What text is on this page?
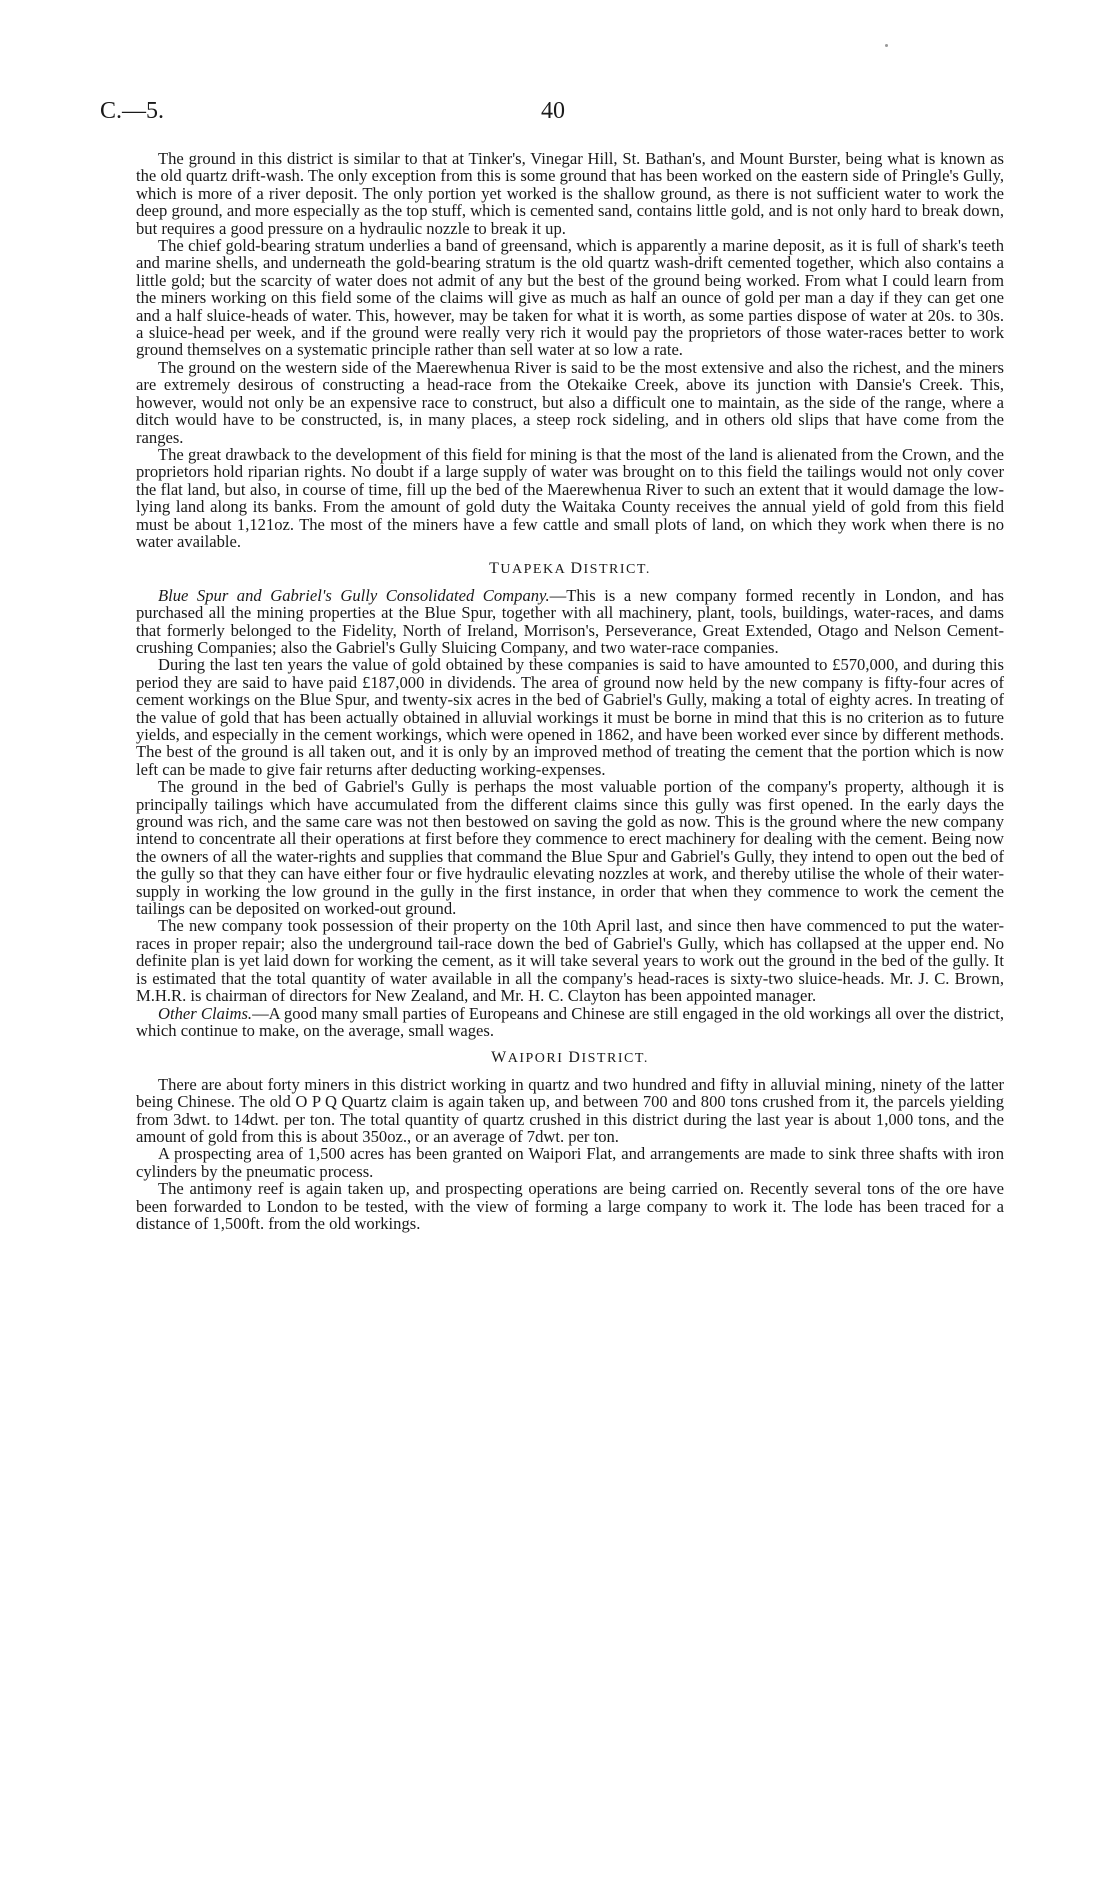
C.—5.	40

The ground in this district is similar to that at Tinker's, Vinegar Hill, St. Bathan's, and Mount Burster, being what is known as the old quartz drift-wash. The only exception from this is some ground that has been worked on the eastern side of Pringle's Gully, which is more of a river deposit. The only portion yet worked is the shallow ground, as there is not sufficient water to work the deep ground, and more especially as the top stuff, which is cemented sand, contains little gold, and is not only hard to break down, but requires a good pressure on a hydraulic nozzle to break it up.

The chief gold-bearing stratum underlies a band of greensand, which is apparently a marine deposit, as it is full of shark's teeth and marine shells, and underneath the gold-bearing stratum is the old quartz wash-drift cemented together, which also contains a little gold; but the scarcity of water does not admit of any but the best of the ground being worked. From what I could learn from the miners working on this field some of the claims will give as much as half an ounce of gold per man a day if they can get one and a half sluice-heads of water. This, however, may be taken for what it is worth, as some parties dispose of water at 20s. to 30s. a sluice-head per week, and if the ground were really very rich it would pay the proprietors of those water-races better to work ground themselves on a systematic principle rather than sell water at so low a rate.

The ground on the western side of the Maerewhenua River is said to be the most extensive and also the richest, and the miners are extremely desirous of constructing a head-race from the Otekaike Creek, above its junction with Dansie's Creek. This, however, would not only be an expensive race to construct, but also a difficult one to maintain, as the side of the range, where a ditch would have to be constructed, is, in many places, a steep rock sideling, and in others old slips that have come from the ranges.

The great drawback to the development of this field for mining is that the most of the land is alienated from the Crown, and the proprietors hold riparian rights. No doubt if a large supply of water was brought on to this field the tailings would not only cover the flat land, but also, in course of time, fill up the bed of the Maerewhenua River to such an extent that it would damage the low-lying land along its banks. From the amount of gold duty the Waitaka County receives the annual yield of gold from this field must be about 1,121oz. The most of the miners have a few cattle and small plots of land, on which they work when there is no water available.

TUAPEKA DISTRICT.

Blue Spur and Gabriel's Gully Consolidated Company.—This is a new company formed recently in London, and has purchased all the mining properties at the Blue Spur, together with all machinery, plant, tools, buildings, water-races, and dams that formerly belonged to the Fidelity, North of Ireland, Morrison's, Perseverance, Great Extended, Otago and Nelson Cement-crushing Companies; also the Gabriel's Gully Sluicing Company, and two water-race companies.

During the last ten years the value of gold obtained by these companies is said to have amounted to £570,000, and during this period they are said to have paid £187,000 in dividends. The area of ground now held by the new company is fifty-four acres of cement workings on the Blue Spur, and twenty-six acres in the bed of Gabriel's Gully, making a total of eighty acres. In treating of the value of gold that has been actually obtained in alluvial workings it must be borne in mind that this is no criterion as to future yields, and especially in the cement workings, which were opened in 1862, and have been worked ever since by different methods. The best of the ground is all taken out, and it is only by an improved method of treating the cement that the portion which is now left can be made to give fair returns after deducting working-expenses.

The ground in the bed of Gabriel's Gully is perhaps the most valuable portion of the company's property, although it is principally tailings which have accumulated from the different claims since this gully was first opened. In the early days the ground was rich, and the same care was not then bestowed on saving the gold as now. This is the ground where the new company intend to concentrate all their operations at first before they commence to erect machinery for dealing with the cement. Being now the owners of all the water-rights and supplies that command the Blue Spur and Gabriel's Gully, they intend to open out the bed of the gully so that they can have either four or five hydraulic elevating nozzles at work, and thereby utilise the whole of their water-supply in working the low ground in the gully in the first instance, in order that when they commence to work the cement the tailings can be deposited on worked-out ground.

The new company took possession of their property on the 10th April last, and since then have commenced to put the water-races in proper repair; also the underground tail-race down the bed of Gabriel's Gully, which has collapsed at the upper end. No definite plan is yet laid down for working the cement, as it will take several years to work out the ground in the bed of the gully. It is estimated that the total quantity of water available in all the company's head-races is sixty-two sluice-heads. Mr. J. C. Brown, M.H.R. is chairman of directors for New Zealand, and Mr. H. C. Clayton has been appointed manager.

Other Claims.—A good many small parties of Europeans and Chinese are still engaged in the old workings all over the district, which continue to make, on the average, small wages.

WAIPORI DISTRICT.

There are about forty miners in this district working in quartz and two hundred and fifty in alluvial mining, ninety of the latter being Chinese. The old O P Q Quartz claim is again taken up, and between 700 and 800 tons crushed from it, the parcels yielding from 3dwt. to 14dwt. per ton. The total quantity of quartz crushed in this district during the last year is about 1,000 tons, and the amount of gold from this is about 350oz., or an average of 7dwt. per ton.

A prospecting area of 1,500 acres has been granted on Waipori Flat, and arrangements are made to sink three shafts with iron cylinders by the pneumatic process.

The antimony reef is again taken up, and prospecting operations are being carried on. Recently several tons of the ore have been forwarded to London to be tested, with the view of forming a large company to work it. The lode has been traced for a distance of 1,500ft. from the old workings.
